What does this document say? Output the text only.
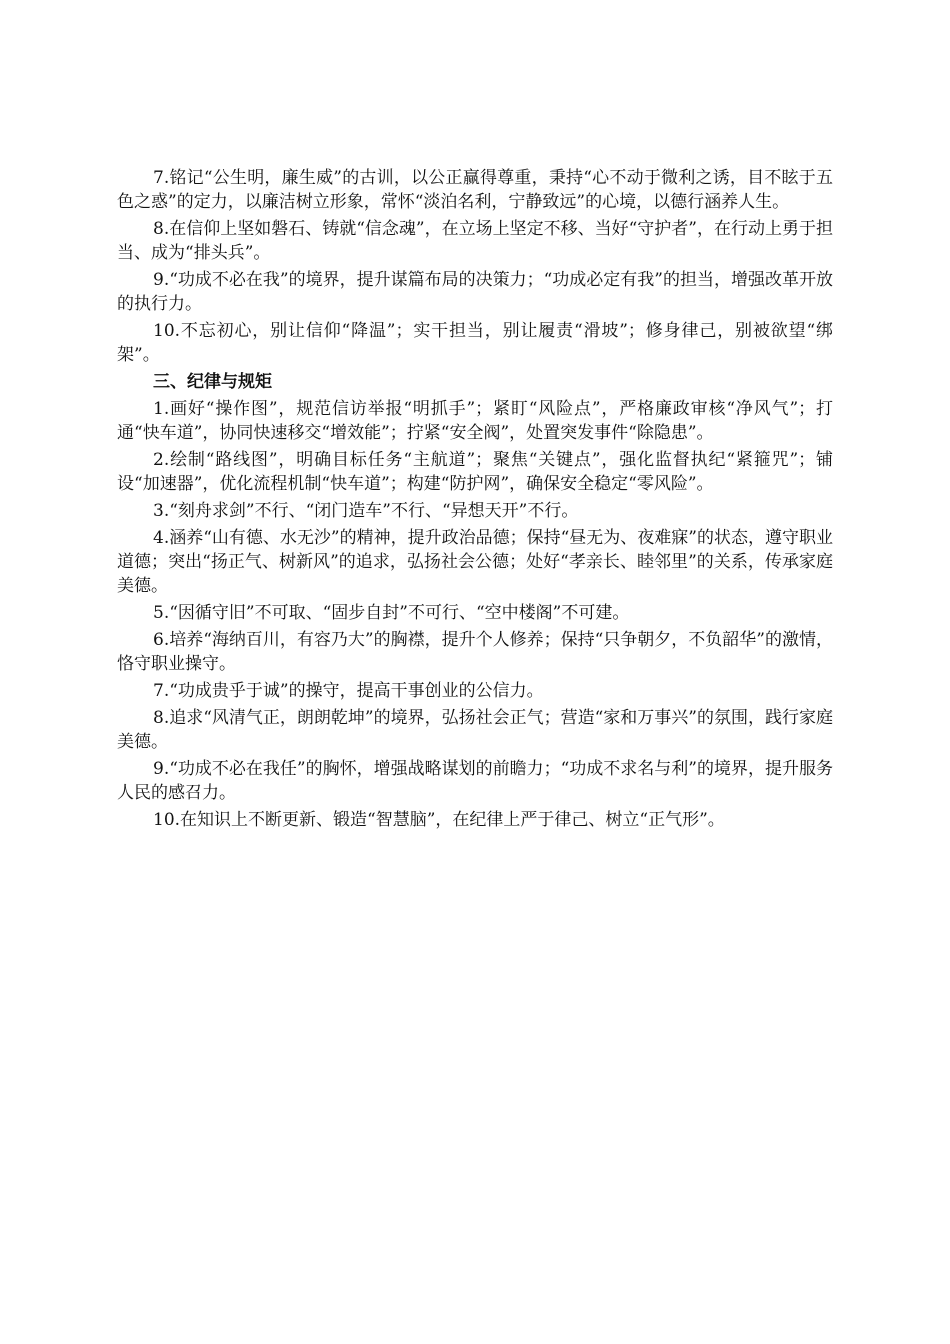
7.铭记“公生明，廉生威”的古训，以公正赢得尊重，秉持“心不动于微利之诱，目不眩于五色之惑”的定力，以廉洁树立形象，常怀“淡泊名利，宁静致远”的心境，以德行涵养人生。

8.在信仰上坚如磐石、铸就“信念魂”，在立场上坚定不移、当好“守护者”，在行动上勇于担当、成为“排头兵”。

9.“功成不必在我”的境界，提升谋篇布局的决策力；“功成必定有我”的担当，增强改革开放的执行力。

10.不忘初心，别让信仰“降温”；实干担当，别让履责“滑坡”；修身律己，别被欲望“绑架”。

三、纪律与规矩

1.画好“操作图”，规范信访举报“明抓手”；紧盯“风险点”，严格廉政审核“净风气”；打通“快车道”，协同快速移交“增效能”；拧紧“安全阀”，处置突发事件“除隐患”。

2.绘制“路线图”，明确目标任务“主航道”；聚焦“关键点”，强化监督执纪“紧箍咒”；铺设“加速器”，优化流程机制“快车道”；构建“防护网”，确保安全稳定“零风险”。

3.“刻舟求剑”不行、“闭门造车”不行、“异想天开”不行。

4.涵养“山有德、水无沙”的精神，提升政治品德；保持“昼无为、夜难寐”的状态，遵守职业道德；突出“扬正气、树新风”的追求，弘扬社会公德；处好“孝亲长、睦邻里”的关系，传承家庭美德。

5.“因循守旧”不可取、“固步自封”不可行、“空中楼阁”不可建。

6.培养“海纳百川，有容乃大”的胸襟，提升个人修养；保持“只争朝夕，不负韶华”的激情，恪守职业操守。

7.“功成贵乎于诚”的操守，提高干事创业的公信力。

8.追求“风清气正，朗朗乾坤”的境界，弘扬社会正气；营造“家和万事兴”的氛围，践行家庭美德。

9.“功成不必在我任”的胸怀，增强战略谋划的前瞻力；“功成不求名与利”的境界，提升服务人民的感召力。

10.在知识上不断更新、锻造“智慧脑”，在纪律上严于律己、树立“正气形”。
